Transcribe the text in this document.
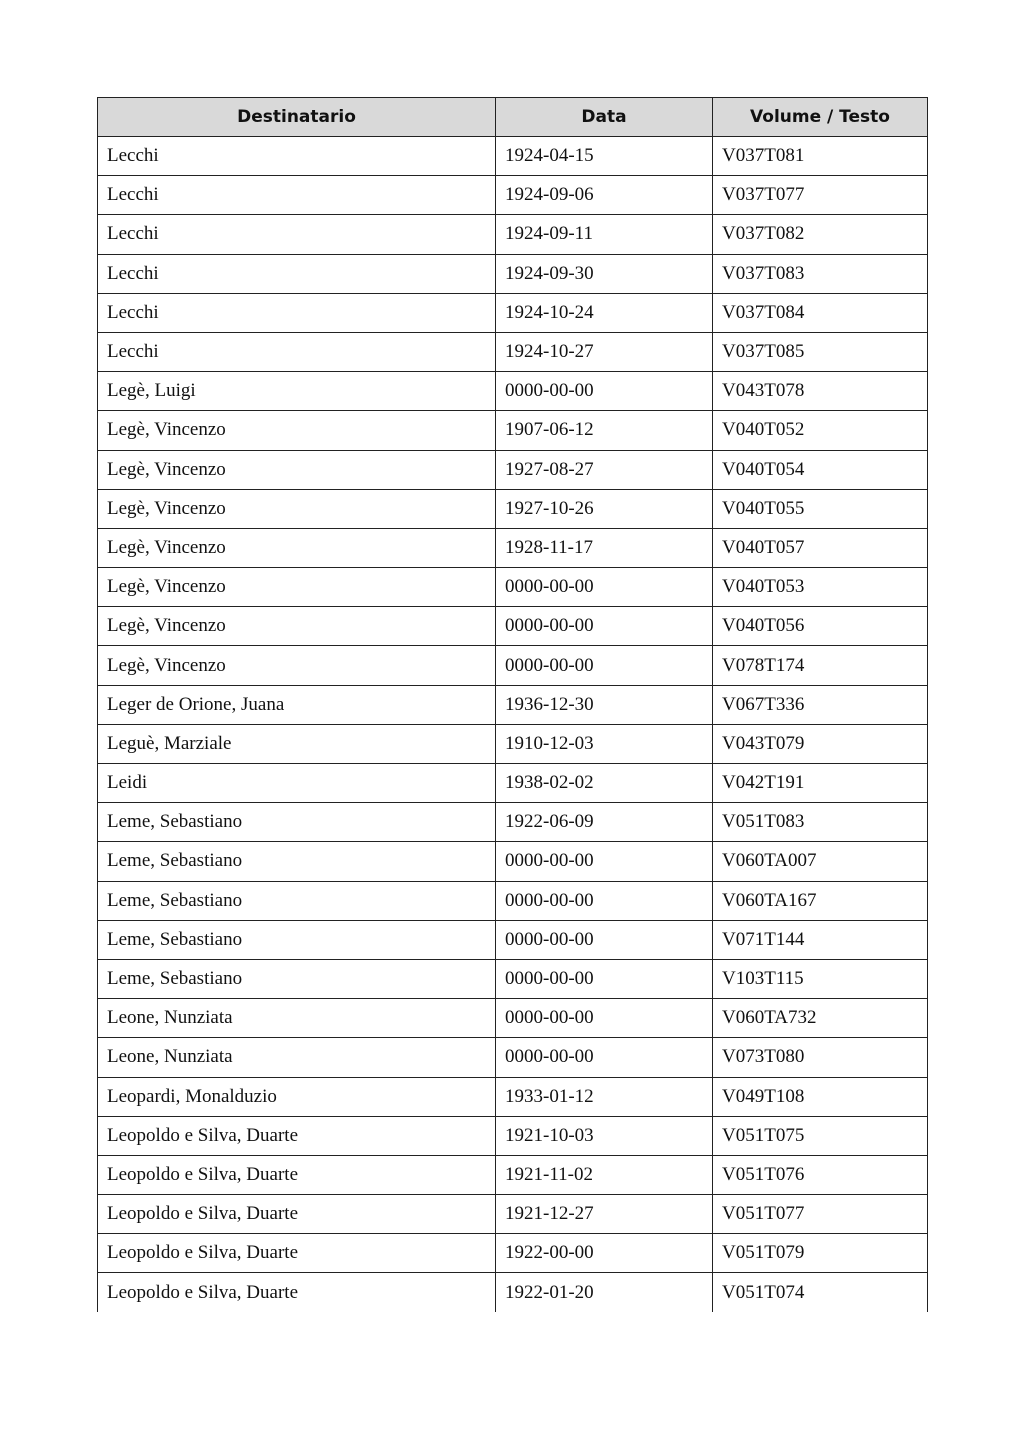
Destinatario	Data	Volume / Testo
Lecchi	1924-04-15	V037T081
Lecchi	1924-09-06	V037T077
Lecchi	1924-09-11	V037T082
Lecchi	1924-09-30	V037T083
Lecchi	1924-10-24	V037T084
Lecchi	1924-10-27	V037T085
Legè, Luigi	0000-00-00	V043T078
Legè, Vincenzo	1907-06-12	V040T052
Legè, Vincenzo	1927-08-27	V040T054
Legè, Vincenzo	1927-10-26	V040T055
Legè, Vincenzo	1928-11-17	V040T057
Legè, Vincenzo	0000-00-00	V040T053
Legè, Vincenzo	0000-00-00	V040T056
Legè, Vincenzo	0000-00-00	V078T174
Leger de Orione, Juana	1936-12-30	V067T336
Leguè, Marziale	1910-12-03	V043T079
Leidi	1938-02-02	V042T191
Leme, Sebastiano	1922-06-09	V051T083
Leme, Sebastiano	0000-00-00	V060TA007
Leme, Sebastiano	0000-00-00	V060TA167
Leme, Sebastiano	0000-00-00	V071T144
Leme, Sebastiano	0000-00-00	V103T115
Leone, Nunziata	0000-00-00	V060TA732
Leone, Nunziata	0000-00-00	V073T080
Leopardi, Monalduzio	1933-01-12	V049T108
Leopoldo e Silva, Duarte	1921-10-03	V051T075
Leopoldo e Silva, Duarte	1921-11-02	V051T076
Leopoldo e Silva, Duarte	1921-12-27	V051T077
Leopoldo e Silva, Duarte	1922-00-00	V051T079
Leopoldo e Silva, Duarte	1922-01-20	V051T074
